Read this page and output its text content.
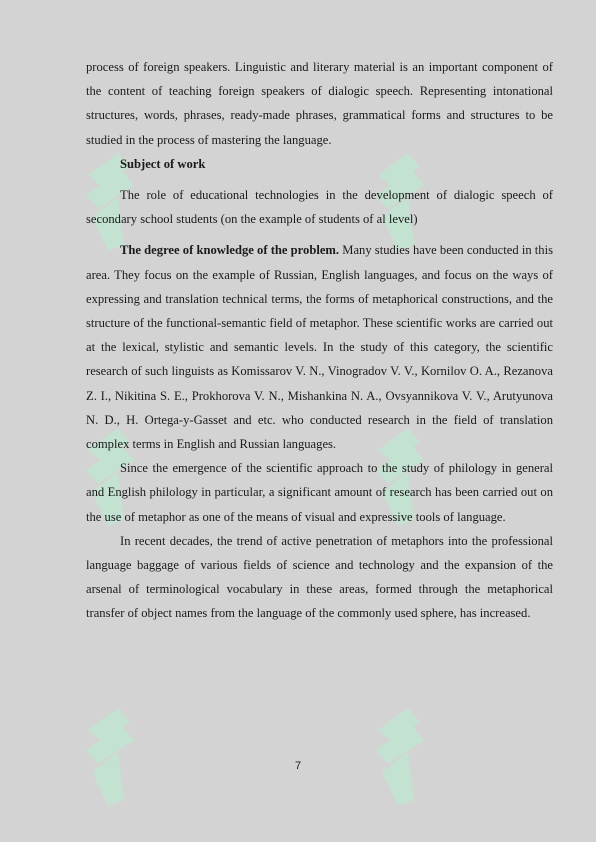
process of foreign speakers. Linguistic and literary material is an important component of the content of teaching foreign speakers of dialogic speech. Representing intonational structures, words, phrases, ready-made phrases, grammatical forms and structures to be studied in the process of mastering the language.

Subject of work

The role of educational technologies in the development of dialogic speech of secondary school students (on the example of students of al level)

The degree of knowledge of the problem. Many studies have been conducted in this area. They focus on the example of Russian, English languages, and focus on the ways of expressing and translation technical terms, the forms of metaphorical constructions, and the structure of the functional-semantic field of metaphor. These scientific works are carried out at the lexical, stylistic and semantic levels. In the study of this category, the scientific research of such linguists as Komissarov V. N., Vinogradov V. V., Kornilov O. A., Rezanova Z. I., Nikitina S. E., Prokhorova V. N., Mishankina N. A., Ovsyannikova V. V., Arutyunova N. D., H. Ortega-y-Gasset and etc. who conducted research in the field of translation complex terms in English and Russian languages.

Since the emergence of the scientific approach to the study of philology in general and English philology in particular, a significant amount of research has been carried out on the use of metaphor as one of the means of visual and expressive tools of language.

In recent decades, the trend of active penetration of metaphors into the professional language baggage of various fields of science and technology and the expansion of the arsenal of terminological vocabulary in these areas, formed through the metaphorical transfer of object names from the language of the commonly used sphere, has increased.

7
